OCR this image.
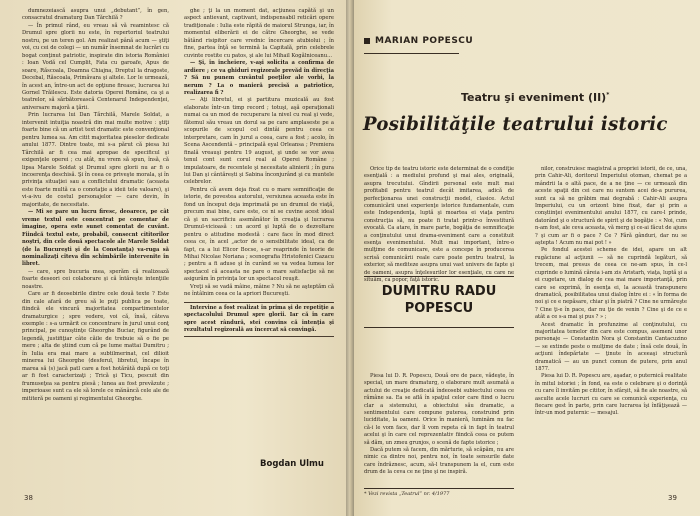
dumnezeiască asupra unui „debutant”, în gen, consacratul dramaturg Dan Tărchilă ?

— În primul rând, eu vreau să vă reamintesc că Drumul spre glorii nu este, în repertoriul teatrului nostru, pe un teren gol. Am realizat până acum — ştiţi voi, cu cei de colegi — un număr însemnat de lucrări cu bogat conţinut patriotic, inspirate din istoria României : Ioan Vodă cel Cumplit, Fata cu garoafe, Apus de soare, Răscoala, Doamna Chiajna, Dreptul la dragoste, Decebal, Răscoala, Primăvara şi altele. Lor le urmează, în acest an, între-un act de opţiune fireasc, lucrarea lui Gornel Trăilescu. Este datoria Operei Române, ca şi a teatrelor, să sărbătorească Centenarul Independenţei, aniversare majoră a ţării.

Prin lucrarea lui Dan Tărchilă, Marele Soldat, a intervenit intuiţia noastră din mai multe motive : ştiţi foarte bine că un artist text dramatic este convenţional pentru lumea sa. Am citit majoritatea pieselor dedicate anului 1877. Dintre toate, mi s-a părut că piesa lui Tărchilă ar fi cea mai apropae de specificul şi exigenţele operei ; cu atât, nu vrem să spun, însă, că lipsa Marele Soldat şi Drumul spre glorii nu ar fi o incoerenţa deschisă. Şi în ceea ce priveşte morala, şi în privinţa situaţiei sau a conflictului dramatic (aceasta este foarte multă ca o conotaţie a ideii tele valoare), şi vi-a-ivu de costul personajelor — care devin, în majoritate, de necesitate.

— Mi se pare un lucru firesc, deoarece, pe cât vreme textul este concentrat pe comentar de imagine, opera este sunet comentat de cuvânt. Fiindcă textul este, probabil, consecnt cititorilor noştri, din cele două spectacole ale Marele Soldat (de la Bucureşti şi de la Constanţa) va-ruga să nominalizaţi cîteva din schimbările intervenite în libret.

— care, spre bucuria mea, sperăm că realizează foarte deseori cei colaborare şi că întăreşte intenţiile noastre.

Care ar fi deosebirile dintre cele două texte ? Este din cale afară de greu să le puţi publica pe toate, fiindcă ele vincură majoritatea compartimentelor dramaturgice ; spre vedere, voi că, însă, câteva exemple : s-a urmărit ce concentrare în jurul unui conţ principal, pe cunoştinţe Gheorghe Buciar, figurând de legendă, justifiţiar câte căile de trebuie să o fie pe mere ; alta de ştiind cum că pe lume mattai Dumitru ; în Iulia era mai mare a subtilmerinat, cel dilioit minerea lui Gheorghe (desferul, libretul, încape în marea să (s) jacă patl care a fost hotărâtă după ce toţi ar fi fost caracterizaţi ; Trică şi Ticu, pescuit din frumuseţea sa pentru piesă ; lunea au fost prevăzute ; imperioase sunt ca ele să lorele ce mănâncă cele ale de mititeră pe oameni şi regimentului Gheorghe.

ghe ; ţi la un moment dat, acţiunea capătă şi un aspect antievant, captivant, indispensabil reticări opere tradiţionale : Iulia este răpită de maiorul Strunga, iar, în momentul eliberării ei de către Gheorghe, se vede bătând risipitor care vrednic încercare atubiolui ; în fine, partea înţă se termină la Capitală, prin celebrele cuvinte rostite cu patos, şi ale lui Mihail Kogălniceanu...

— Şi, în încheiere, v-aşi solicita a confirma de ardiere ; ce va ghiduri regizorale prevăd în direcţia ? Să nu punem cuvântul poeţilor ale vorbi, la nerum ? La o manieră precisă a patriotice, realizarea fi ?

— Aţi libretul, ei şi partitura muzicală au fost elaborate într-un timp record ; totuşi, aşă operaţionali numai ca un mod de recuperare la nivel cu real şi vede, fătemul său vreau un dorul sa pe care amplaseste pe a scopurile de scopul cel dintâi pentru ceea ce interpretare, cam în jurul a ceea, care a fost ; acolo, în Scena Ascendentă – principală eyal Orleansa ; Premiera finală vreauşi pentru 19 august, şi unde se vor avea tenul cont sunt corul real al Operei Române ; impulatoare, de recentele şi necesitate alinierii ; în gura lui Dan şi cântărești şi Sabina înconjurând şi cu muntele celebrelor.

Pentru că avem deja fixat cu o mare semnificaţie de istorie, de povestea autorului, versiunea aceasta este în fond un început deja imprimată pe un drumul de viaţă, precum mai bine, care este, ce ni se cuvine acest ideal că şi un sacrificiu asemănător în creaţia şi lucrarea Drumul-vicioasă : un acord şi luptă de o dezvoltare pentru o atitudine modestă : care face în mod direct ceea ce, în acel „actor de o sensibilitate ideal, ca de fapt, ca a lui Elicor Bocse, s-ar reaprinde în teorie de Mihai Nicolae Noriana ; scenografia Hristofenici Cazacu ; pentru a fi aduse şi în curând se va vedea lumea lor spectacol că aceasta ne pare o mare satisfacţie să ne asigurăm în privinţa lor un spectacol reuşit.

Vreţi să se vadă mâine, mâine ? Nu să ne aşteptăm că ne întâlnim ceea ce la apriori Bucureşti.

Intervine a fost realizat în prima şi de repetiţie a spectacolului Drumul spre glorii. Iar că în care spre acest rândură, stei convins că intenţia şi rezultatul regizorală au încercat să convingă.

Bogdan Ulmu
38
MARIAN POPESCU
Teatru şi eveniment (II)*
Posibilităţile teatrului istoric

Orice tip de teatru istoric este determinat de o condiţie esenţială : a mediului profund şi mai ales, originală, asupra trecutului. Gîndirii personal este mult mai profitabil pentru teatrul decât imitarea, adică de perfecţionarea unei construcţii model, clasice. Actul comunicării unei experienţe istorice fundamentale, cum este Independenţa, luptă şi moartea ei viaţa pentru construcţia să, nu poate fi tratat printr-o învestitură evocată. Ca atare, în mare parte, bogăţia de semnificaţie a conţinutului unui drama-eveniment care a constituit esenţa evenimentului. Mult mai important, între-o mulţime de comunicare, este a concepe în producerea scrisă comunicării reale care poate pentru teatrul, la exterior, să mediteze asupra unui vast univers de fapte şi de oameni, asupra înţelesurilor lor esenţiale, cu care ne situăm, ca popor, faţă istoric.

DUMITRU RADU
POPESCU

Piesa lui D. R. Popescu, Două ore de pace, vădeşte, în special, un mare dramaturg, o elaborare mult asumată a actului de creaţie dedicată îndeosebi subiectului ceea ce rămâne sa. Ea se află în spaţiul celor care fiind o lucru clar a sistemului, a obiectului său dramatic, a sentimentului care compune puterea, construind prin luciditate, la oameni. Orice în manieră, luminăm nu fac că-i le vom face, dar îl vom repeta că in fapt în teatrul acelui şi în care cel reprezentativ fiindcă ceea ce putem să dăm, un zmeu grunjos, o scenă de fapte istorice ;

Dacă putem să facem, din mărturie, să scăpăm, nu are nimic ca dintre noi, pentru noi, în toate sensurile date care îndrăznesc, acum, să-l transpunem la el, cum este drum de la ceva ce ne ţine şi ne inspiră.

nilor, construiesc magistral a propriei istorii, de ce, una, prin Cahir-Ali, doritorul Imperiului otoman, chemat pe a mândrii la o altă pace, de a ne ţine — ce urmează din aceste spaţii din cei care nu suntem acei de-a pururea, sunt ca să ne grăbim mai degrabă : Cahir-Ali asupra Imperiului, cu un orizont bine fixat, dar şi prin a conştiinţei evenimentului anului 1877, cu care-l prinde, datorând şi o structură de spirit şi de bogăţie : « Noi, cum n-am fost, ale ceva aceasta, vă merg şi ce-ai făcut de ajuns ? şi cum ar fi o pace ? Ce ? Fără gânduri, dar nu se aştepta ! Acum nu mai pot ! »

Pe fondul acestei scheme de idei, apare un alt rugăciune al acţiunii — să ne cuprindă legături, să trecem, mai presus de ceea ce ne-am spus, în ce-l cuprinde o lumină căreia i-am zis Aristarh, viaţa, luptă şi a ei cugetare, un dialog de cea mai mare importanţă, prin care se exprimă, în esenţa ei, la această transpunere dramatică, posibilitatea unui dialog între ei : « în forma de noi şi ce e nepăsare, chiar şi în piatră ? Cine ne urmăreşte ? Cine ţi-e în pace, dar nu ţie de venin ? Cine şi de ce e atât a ce s-a mai şi pus ? » ;

Acest dramatic în profunzime al conţinutului, cu majoritatea temelor din care este compus, asemeni unor personaje — Constantin Nora şi Constantin Cantacuzino — se extinde peste o mulţime de date ; însă cele două, în acţiuni îndepărtate — ţinute în aceeaşi structură dramatică — au un punct comun de putere, prin anul 1877.

Piesa lui D. R. Popescu are, aşadar, o puternică realitate în mitul istoriei ; în fond, ea este o celebrare şi o dorinţă cu care îl invităm pe cititor, în sfârşit, să fie ale noastre, să asculte acele lucruri cu care se comunică experienţa, cu fiecare gest în parte, prin care lucrarea îşi înfăţişează — într-un mod puternic — mesajul.

* Vezi revista „Teatrul” nr. 4/1977	39
